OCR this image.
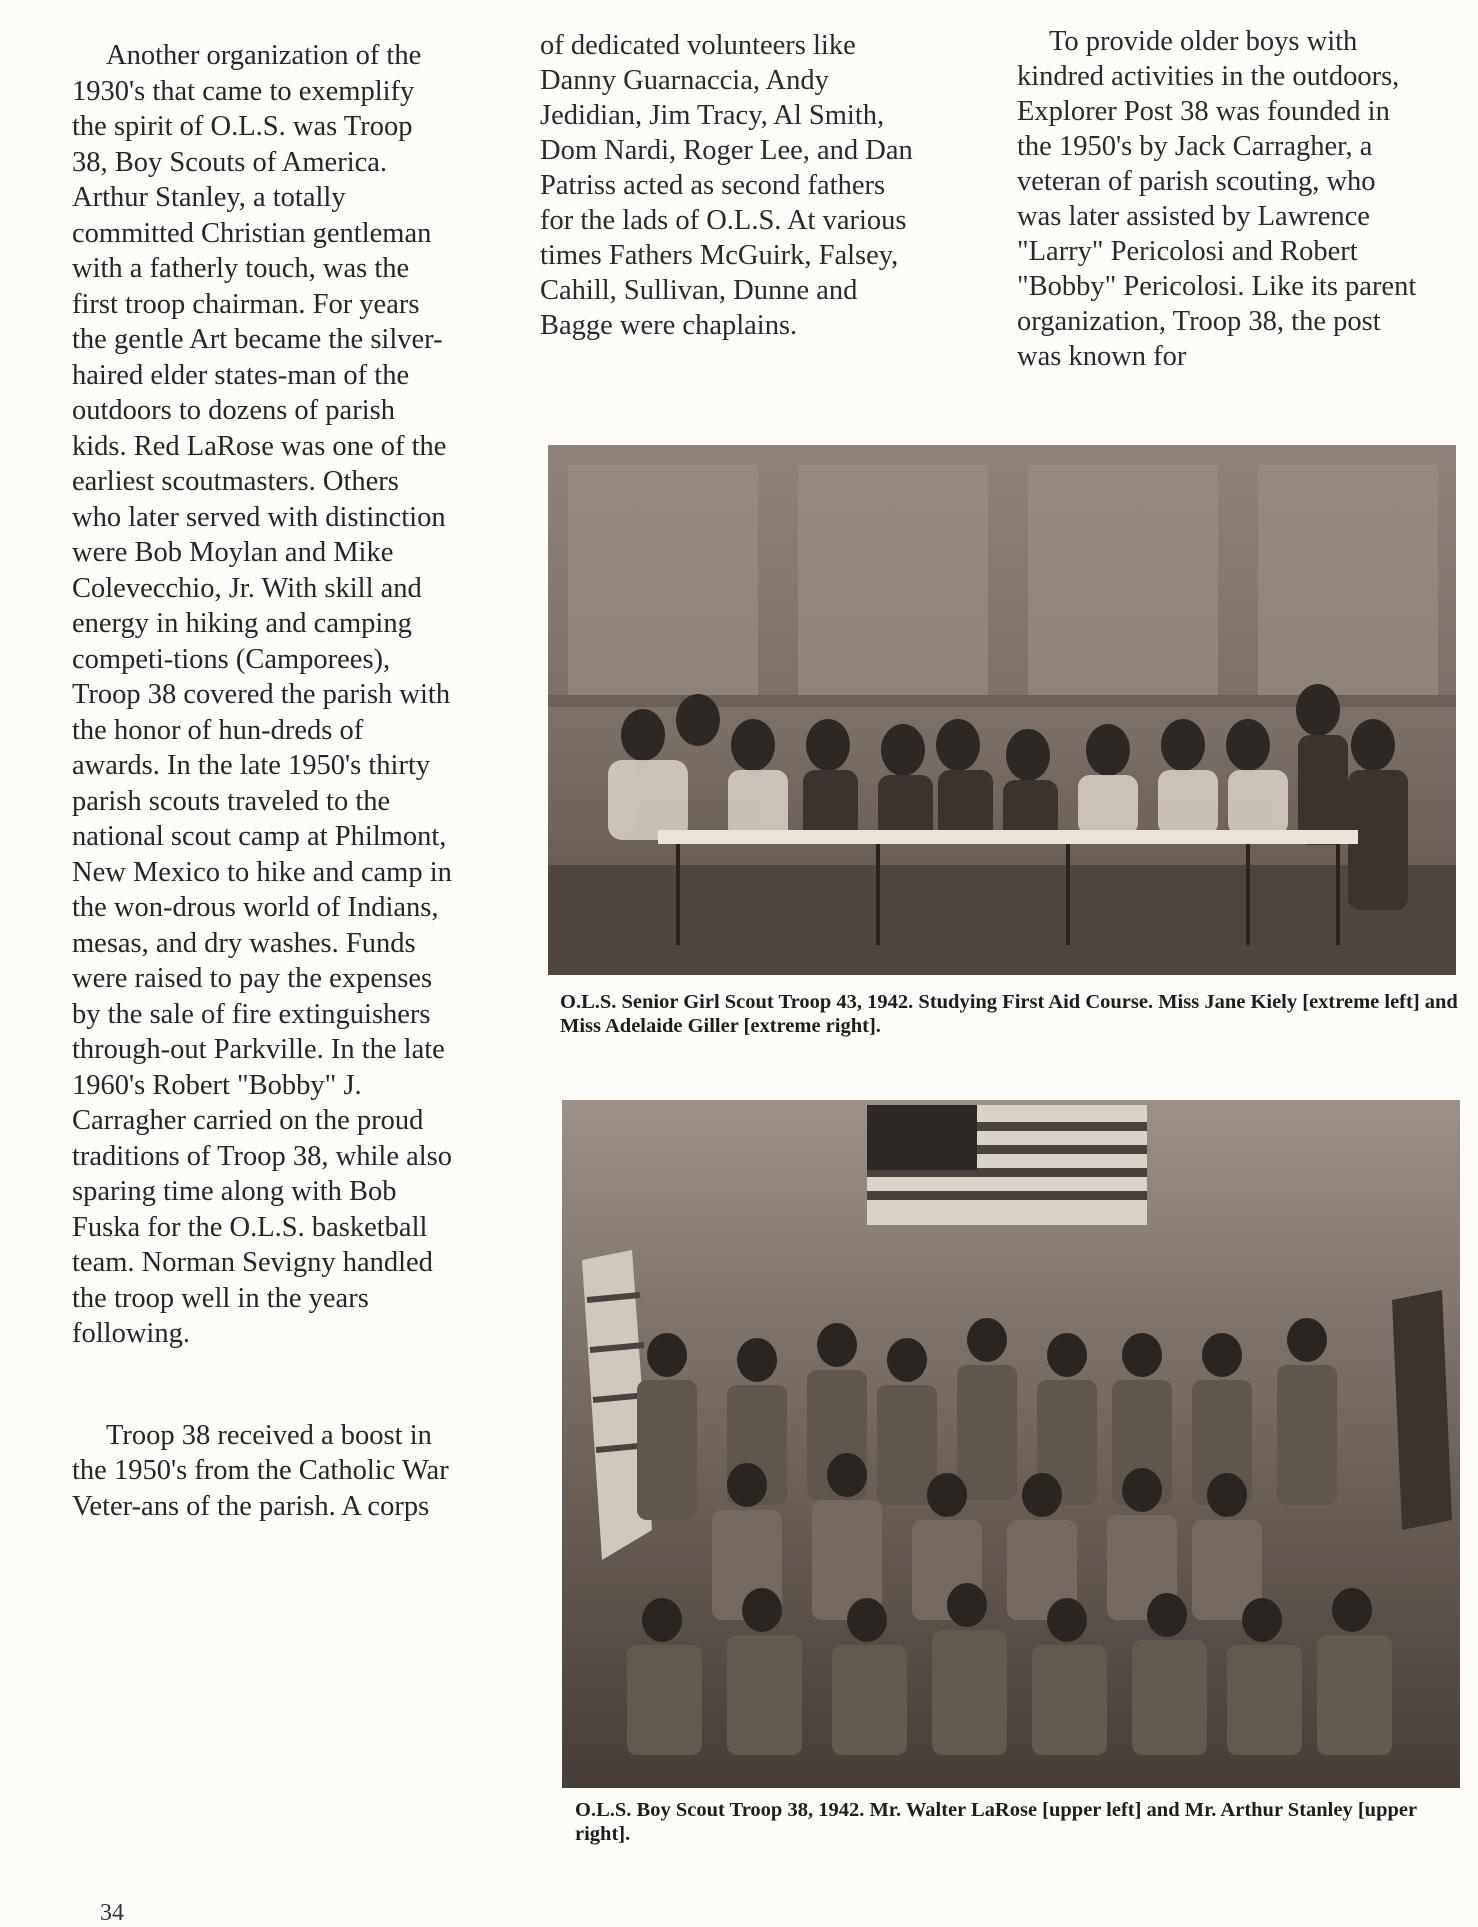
Another organization of the 1930's that came to exemplify the spirit of O.L.S. was Troop 38, Boy Scouts of America. Arthur Stanley, a totally committed Christian gentleman with a fatherly touch, was the first troop chairman. For years the gentle Art became the silver-haired elder states-man of the outdoors to dozens of parish kids. Red LaRose was one of the earliest scoutmasters. Others who later served with distinction were Bob Moylan and Mike Colevecchio, Jr. With skill and energy in hiking and camping competi-tions (Camporees), Troop 38 covered the parish with the honor of hun-dreds of awards. In the late 1950's thirty parish scouts traveled to the national scout camp at Philmont, New Mexico to hike and camp in the won-drous world of Indians, mesas, and dry washes. Funds were raised to pay the expenses by the sale of fire extinguishers through-out Parkville. In the late 1960's Robert "Bobby" J. Carragher carried on the proud traditions of Troop 38, while also sparing time along with Bob Fuska for the O.L.S. basketball team. Norman Sevigny handled the troop well in the years following.

Troop 38 received a boost in the 1950's from the Catholic War Veter-ans of the parish. A corps

of dedicated volunteers like Danny Guarnaccia, Andy Jedidian, Jim Tracy, Al Smith, Dom Nardi, Roger Lee, and Dan Patriss acted as second fathers for the lads of O.L.S. At various times Fathers McGuirk, Falsey, Cahill, Sullivan, Dunne and Bagge were chaplains.

To provide older boys with kindred activities in the outdoors, Explorer Post 38 was founded in the 1950's by Jack Carragher, a veteran of parish scouting, who was later assisted by Lawrence "Larry" Pericolosi and Robert "Bobby" Pericolosi. Like its parent organization, Troop 38, the post was known for

O.L.S. Senior Girl Scout Troop 43, 1942. Studying First Aid Course. Miss Jane Kiely [extreme left] and Miss Adelaide Giller [extreme right].
O.L.S. Boy Scout Troop 38, 1942. Mr. Walter LaRose [upper left] and Mr. Arthur Stanley [upper right].
34
